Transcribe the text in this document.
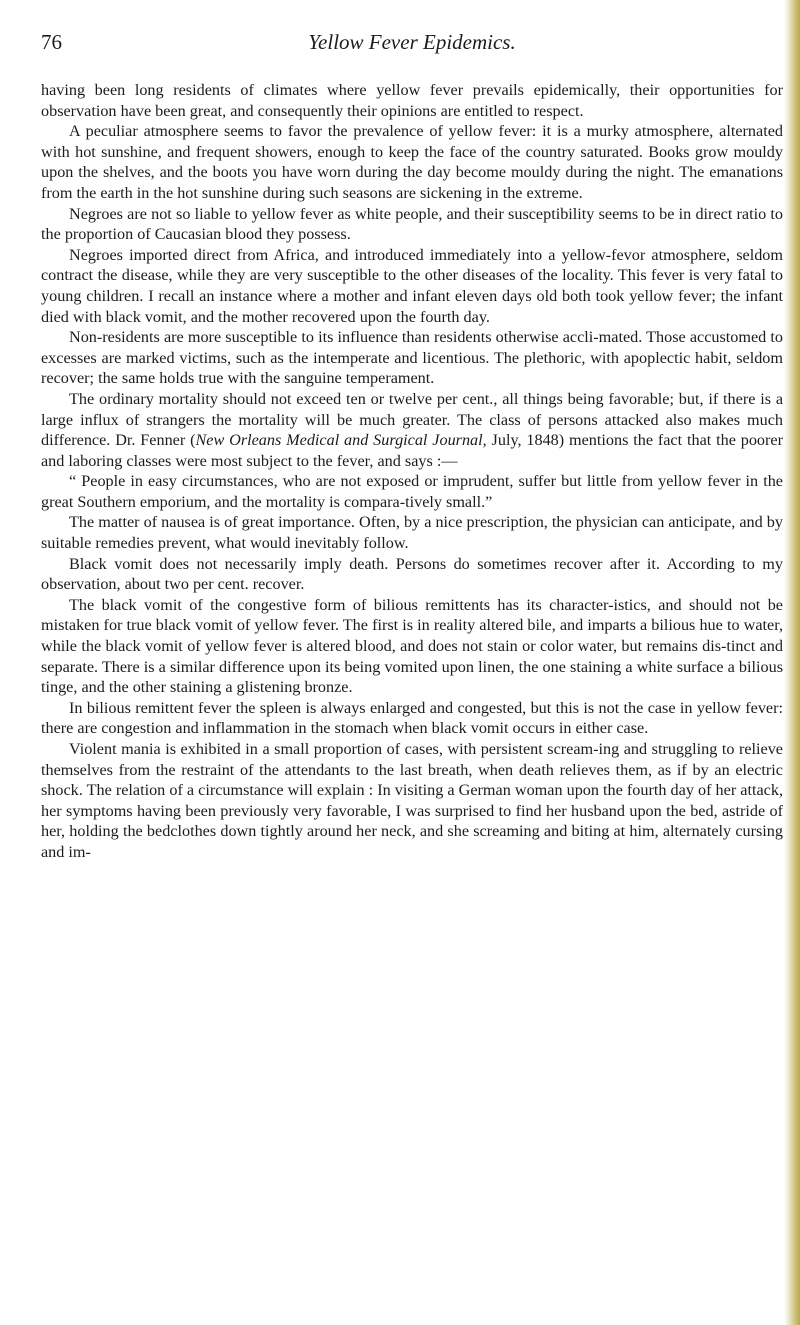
76	Yellow Fever Epidemics.

having been long residents of climates where yellow fever prevails epidemically, their opportunities for observation have been great, and consequently their opinions are entitled to respect.

A peculiar atmosphere seems to favor the prevalence of yellow fever: it is a murky atmosphere, alternated with hot sunshine, and frequent showers, enough to keep the face of the country saturated. Books grow mouldy upon the shelves, and the boots you have worn during the day become mouldy during the night. The emanations from the earth in the hot sunshine during such seasons are sickening in the extreme.

Negroes are not so liable to yellow fever as white people, and their susceptibility seems to be in direct ratio to the proportion of Caucasian blood they possess.

Negroes imported direct from Africa, and introduced immediately into a yellow-fevor atmosphere, seldom contract the disease, while they are very susceptible to the other diseases of the locality. This fever is very fatal to young children. I recall an instance where a mother and infant eleven days old both took yellow fever; the infant died with black vomit, and the mother recovered upon the fourth day.

Non-residents are more susceptible to its influence than residents otherwise accli-mated. Those accustomed to excesses are marked victims, such as the intemperate and licentious. The plethoric, with apoplectic habit, seldom recover; the same holds true with the sanguine temperament.

The ordinary mortality should not exceed ten or twelve per cent., all things being favorable; but, if there is a large influx of strangers the mortality will be much greater. The class of persons attacked also makes much difference. Dr. Fenner (New Orleans Medical and Surgical Journal, July, 1848) mentions the fact that the poorer and laboring classes were most subject to the fever, and says :—

“ People in easy circumstances, who are not exposed or imprudent, suffer but little from yellow fever in the great Southern emporium, and the mortality is compara-tively small.”

The matter of nausea is of great importance. Often, by a nice prescription, the physician can anticipate, and by suitable remedies prevent, what would inevitably follow.

Black vomit does not necessarily imply death. Persons do sometimes recover after it. According to my observation, about two per cent. recover.

The black vomit of the congestive form of bilious remittents has its character-istics, and should not be mistaken for true black vomit of yellow fever. The first is in reality altered bile, and imparts a bilious hue to water, while the black vomit of yellow fever is altered blood, and does not stain or color water, but remains dis-tinct and separate. There is a similar difference upon its being vomited upon linen, the one staining a white surface a bilious tinge, and the other staining a glistening bronze.

In bilious remittent fever the spleen is always enlarged and congested, but this is not the case in yellow fever: there are congestion and inflammation in the stomach when black vomit occurs in either case.

Violent mania is exhibited in a small proportion of cases, with persistent scream-ing and struggling to relieve themselves from the restraint of the attendants to the last breath, when death relieves them, as if by an electric shock. The relation of a circumstance will explain : In visiting a German woman upon the fourth day of her attack, her symptoms having been previously very favorable, I was surprised to find her husband upon the bed, astride of her, holding the bedclothes down tightly around her neck, and she screaming and biting at him, alternately cursing and im-
